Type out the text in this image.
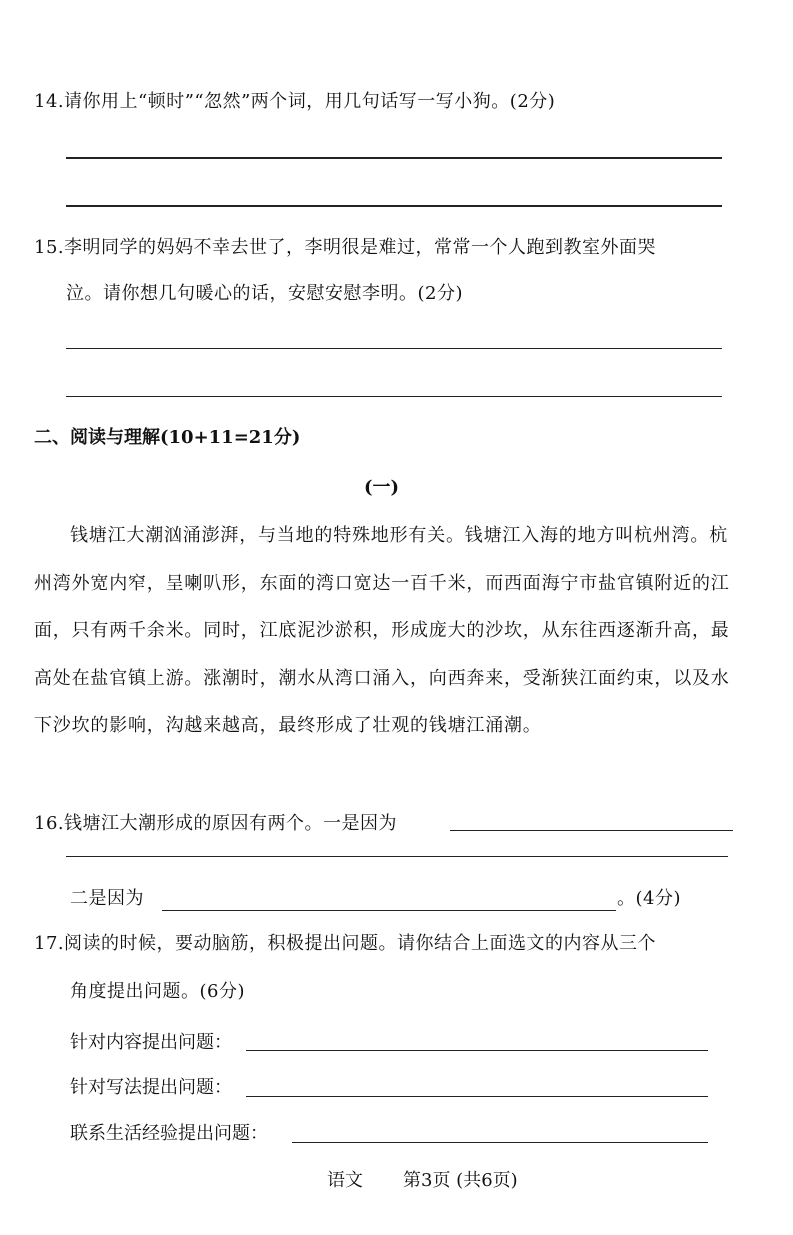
14. 请你用上“顿时”“忽然”两个词，用几句话写一写小狗。(2分)
15. 李明同学的妈妈不幸去世了，李明很是难过，常常一个人跑到教室外面哭
泣。请你想几句暖心的话，安慰安慰李明。(2分)
二、阅读与理解(10+11=21分)
(一)
钱塘江大潮汹涌澎湃，与当地的特殊地形有关。钱塘江入海的地方叫杭州湾。杭州湾外宽内窄，呈喇叭形，东面的湾口宽达一百千米，而西面海宁市盐官镇附近的江面，只有两千余米。同时，江底泥沙淤积，形成庞大的沙坎，从东往西逐渐升高，最高处在盐官镇上游。涨潮时，潮水从湾口涌入，向西奔来，受渐狭江面约束，以及水下沙坎的影响，沟越来越高，最终形成了壮观的钱塘江涌潮。
16. 钱塘江大潮形成的原因有两个。一是因为
二是因为	。(4分)
17. 阅读的时候，要动脑筋，积极提出问题。请你结合上面选文的内容从三个
角度提出问题。(6分)
针对内容提出问题：
针对写法提出问题：
联系生活经验提出问题：
语文 第3页 (共6页)
